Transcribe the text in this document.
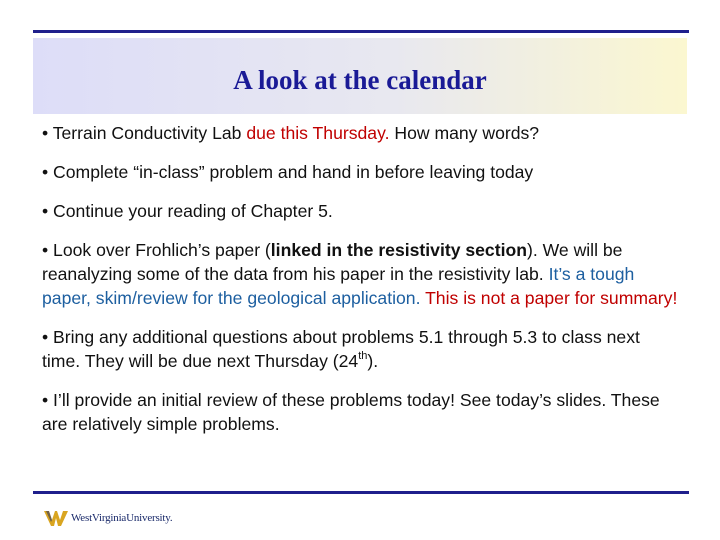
A look at the calendar

• Terrain Conductivity Lab due this Thursday. How many words?

• Complete “in-class” problem and hand in before leaving today

• Continue your reading of Chapter 5.

• Look over Frohlich’s paper (linked in the resistivity section). We will be reanalyzing some of the data from his paper in the resistivity lab. It’s a tough paper, skim/review for the geological application. This is not a paper for summary!

• Bring any additional questions about problems 5.1 through 5.3 to class next time. They will be due next Thursday (24th).

• I’ll provide an initial review of these problems today! See today’s slides. These are relatively simple problems.

WestVirginiaUniversity.
